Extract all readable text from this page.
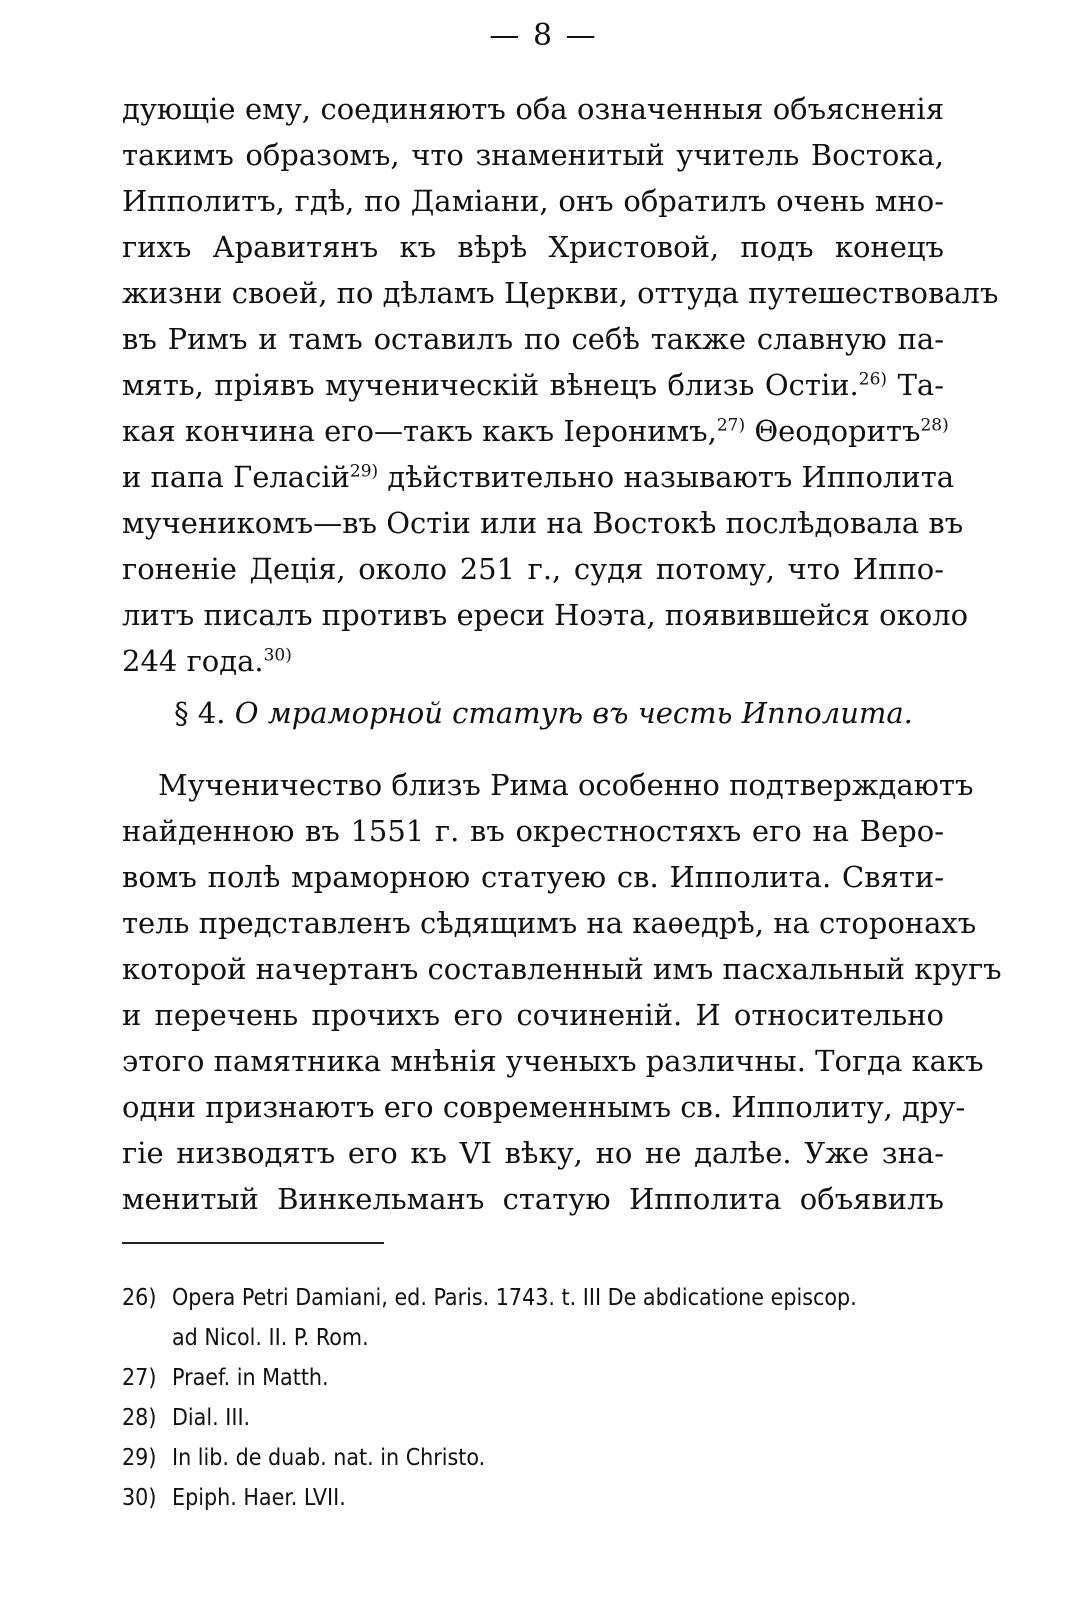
— 8 —
дующіе ему, соединяютъ оба означенныя объясненія
такимъ образомъ, что знаменитый учитель Востока,
Ипполитъ, гдѣ, по Даміани, онъ обратилъ очень мно-
гихъ Аравитянъ къ вѣрѣ Христовой, подъ конецъ
жизни своей, по дѣламъ Церкви, оттуда путешествовалъ
въ Римъ и тамъ оставилъ по себѣ также славную па-
мять, пріявъ мученическій вѣнецъ близь Остіи.$^{26)}$ Та-
кая кончина его—такъ какъ Іеронимъ,$^{27)}$ Θеодоритъ$^{28)}$
и папа Геласій$^{29)}$ дѣйствительно называютъ Ипполита
мученикомъ—въ Остіи или на Востокѣ послѣдовала въ
гоненіе Деція, около 251 г., судя потому, что Иппо-
литъ писалъ противъ ереси Ноэта, появившейся около
244 года.$^{30)}$
§ 4. О мраморной статуѣ въ честь Ипполита.
Мученичество близъ Рима особенно подтверждаютъ
найденною въ 1551 г. въ окрестностяхъ его на Веро-
вомъ полѣ мраморною статуею св. Ипполита. Святи-
тель представленъ сѣдящимъ на каѳедрѣ, на сторонахъ
которой начертанъ составленный имъ пасхальный кругъ
и перечень прочихъ его сочиненій. И относительно
этого памятника мнѣнія ученыхъ различны. Тогда какъ
одни признаютъ его современнымъ св. Ипполиту, дру-
гіе низводятъ его къ VI вѣку, но не далѣе. Уже зна-
менитый Винкельманъ статую Ипполита объявилъ
26) Opera Petri Damiani, ed. Paris. 1743. t. III De abdicatione episcop.
ad Nicol. II. P. Rom.
27) Praef. in Matth.
28) Dial. III.
29) In lib. de duab. nat. in Christo.
30) Epiph. Haer. LVII.
